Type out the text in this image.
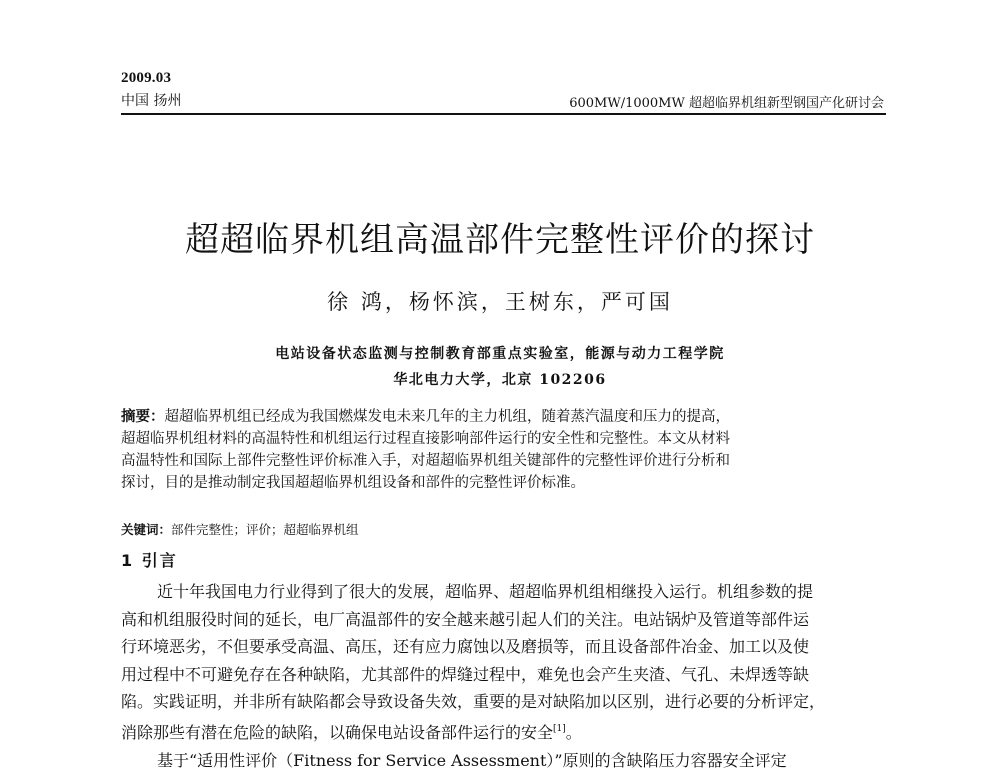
2009.03
中国 扬州	600MW/1000MW 超超临界机组新型钢国产化研讨会
超超临界机组高温部件完整性评价的探讨
徐 鸿，杨怀滨，王树东，严可国
电站设备状态监测与控制教育部重点实验室，能源与动力工程学院
华北电力大学，北京 102206
摘要：超超临界机组已经成为我国燃煤发电未来几年的主力机组，随着蒸汽温度和压力的提高，
超超临界机组材料的高温特性和机组运行过程直接影响部件运行的安全性和完整性。本文从材料
高温特性和国际上部件完整性评价标准入手，对超超临界机组关键部件的完整性评价进行分析和
探讨，目的是推动制定我国超超临界机组设备和部件的完整性评价标准。
关键词：部件完整性；评价；超超临界机组
1 引言
近十年我国电力行业得到了很大的发展，超临界、超超临界机组相继投入运行。机组参数的提
高和机组服役时间的延长，电厂高温部件的安全越来越引起人们的关注。电站锅炉及管道等部件运
行环境恶劣，不但要承受高温、高压，还有应力腐蚀以及磨损等，而且设备部件冶金、加工以及使
用过程中不可避免存在各种缺陷，尤其部件的焊缝过程中，难免也会产生夹渣、气孔、未焊透等缺
陷。实践证明，并非所有缺陷都会导致设备失效，重要的是对缺陷加以区别，进行必要的分析评定，
消除那些有潜在危险的缺陷，以确保电站设备部件运行的安全[1]。
基于“适用性评价（Fitness for Service Assessment）”原则的含缺陷压力容器安全评定
